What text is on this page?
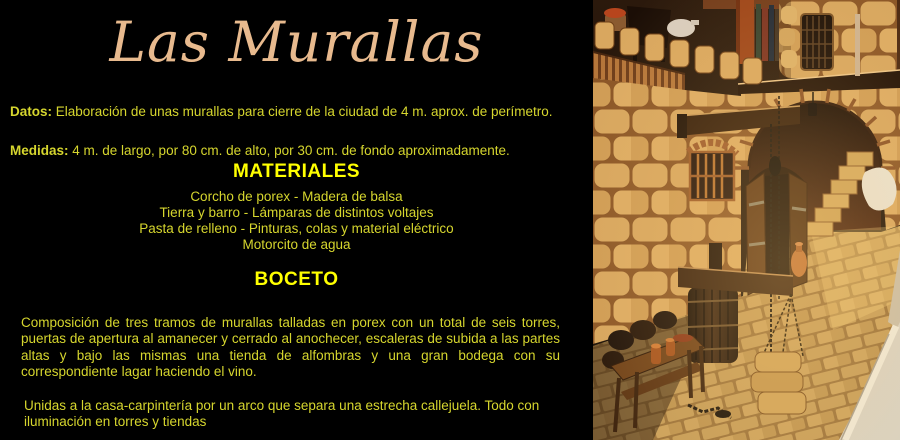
Las Murallas

Datos: Elaboración de unas murallas para cierre de la ciudad de 4 m. aprox. de perímetro.

Medidas: 4 m. de largo, por 80 cm. de alto, por 30 cm. de fondo aproximadamente.

MATERIALES
Corcho de porex - Madera de balsa
Tierra y barro - Lámparas de distintos voltajes
Pasta de relleno - Pinturas, colas y material eléctrico
Motorcito de agua
BOCETO

Composición de tres tramos de murallas talladas en porex con un total de seis torres, puertas de apertura al amanecer y cerrado al anochecer, escaleras de subida a las partes altas y bajo las mismas una tienda de alfombras y una gran bodega con su correspondiente lagar haciendo el vino.

Unidas a la casa-carpintería por un arco que separa una estrecha callejuela. Todo con iluminación en torres y tiendas
